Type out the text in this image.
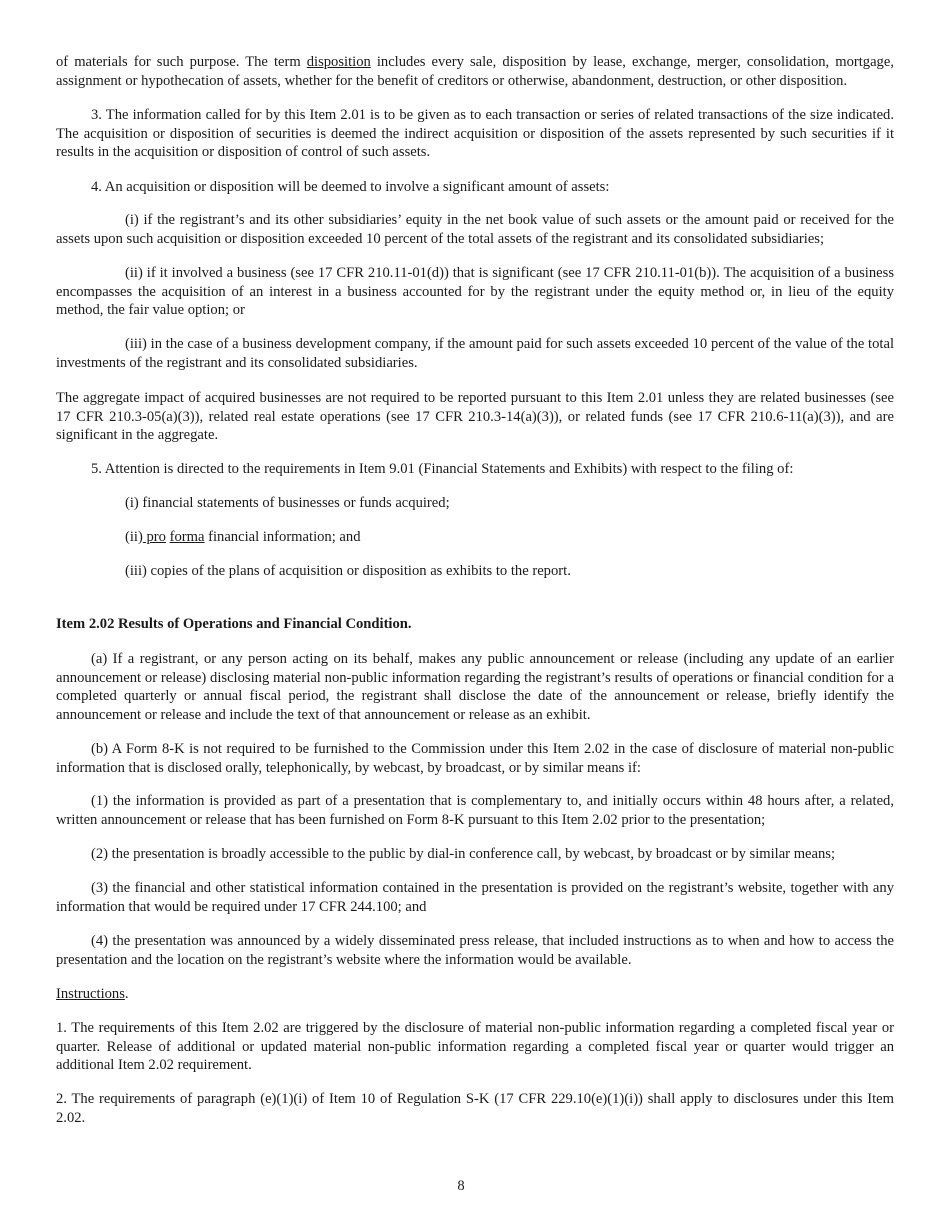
of materials for such purpose. The term disposition includes every sale, disposition by lease, exchange, merger, consolidation, mortgage, assignment or hypothecation of assets, whether for the benefit of creditors or otherwise, abandonment, destruction, or other disposition.

3. The information called for by this Item 2.01 is to be given as to each transaction or series of related transactions of the size indicated. The acquisition or disposition of securities is deemed the indirect acquisition or disposition of the assets represented by such securities if it results in the acquisition or disposition of control of such assets.

4. An acquisition or disposition will be deemed to involve a significant amount of assets:

(i) if the registrant’s and its other subsidiaries’ equity in the net book value of such assets or the amount paid or received for the assets upon such acquisition or disposition exceeded 10 percent of the total assets of the registrant and its consolidated subsidiaries;

(ii) if it involved a business (see 17 CFR 210.11-01(d)) that is significant (see 17 CFR 210.11-01(b)). The acquisition of a business encompasses the acquisition of an interest in a business accounted for by the registrant under the equity method or, in lieu of the equity method, the fair value option; or

(iii) in the case of a business development company, if the amount paid for such assets exceeded 10 percent of the value of the total investments of the registrant and its consolidated subsidiaries.

The aggregate impact of acquired businesses are not required to be reported pursuant to this Item 2.01 unless they are related businesses (see 17 CFR 210.3-05(a)(3)), related real estate operations (see 17 CFR 210.3-14(a)(3)), or related funds (see 17 CFR 210.6-11(a)(3)), and are significant in the aggregate.

5. Attention is directed to the requirements in Item 9.01 (Financial Statements and Exhibits) with respect to the filing of:

(i) financial statements of businesses or funds acquired;

(ii) pro forma financial information; and

(iii) copies of the plans of acquisition or disposition as exhibits to the report.

Item 2.02 Results of Operations and Financial Condition.

(a) If a registrant, or any person acting on its behalf, makes any public announcement or release (including any update of an earlier announcement or release) disclosing material non-public information regarding the registrant’s results of operations or financial condition for a completed quarterly or annual fiscal period, the registrant shall disclose the date of the announcement or release, briefly identify the announcement or release and include the text of that announcement or release as an exhibit.

(b) A Form 8-K is not required to be furnished to the Commission under this Item 2.02 in the case of disclosure of material non-public information that is disclosed orally, telephonically, by webcast, by broadcast, or by similar means if:

(1) the information is provided as part of a presentation that is complementary to, and initially occurs within 48 hours after, a related, written announcement or release that has been furnished on Form 8-K pursuant to this Item 2.02 prior to the presentation;

(2) the presentation is broadly accessible to the public by dial-in conference call, by webcast, by broadcast or by similar means;

(3) the financial and other statistical information contained in the presentation is provided on the registrant’s website, together with any information that would be required under 17 CFR 244.100; and

(4) the presentation was announced by a widely disseminated press release, that included instructions as to when and how to access the presentation and the location on the registrant’s website where the information would be available.

Instructions.

1. The requirements of this Item 2.02 are triggered by the disclosure of material non-public information regarding a completed fiscal year or quarter. Release of additional or updated material non-public information regarding a completed fiscal year or quarter would trigger an additional Item 2.02 requirement.

2. The requirements of paragraph (e)(1)(i) of Item 10 of Regulation S-K (17 CFR 229.10(e)(1)(i)) shall apply to disclosures under this Item 2.02.

8
